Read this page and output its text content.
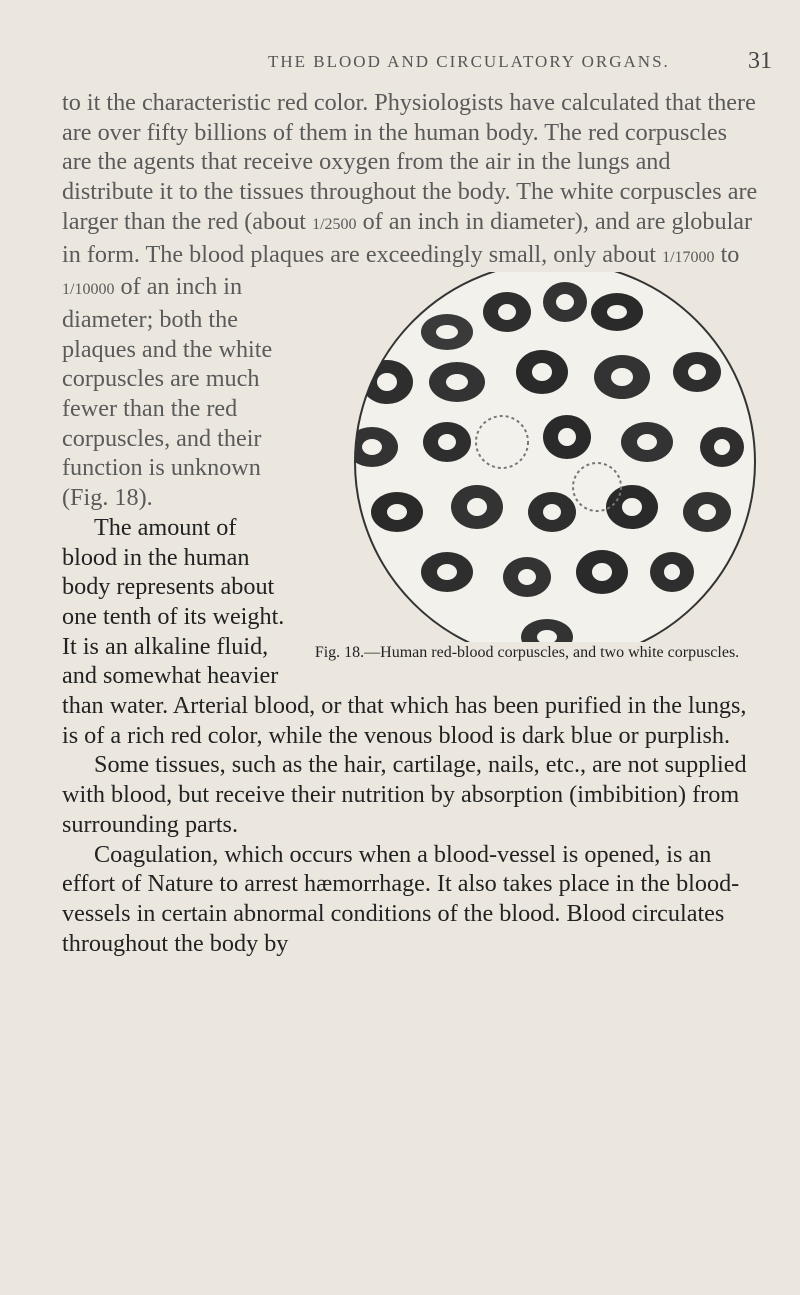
THE BLOOD AND CIRCULATORY ORGANS.	31

to it the characteristic red color. Physiologists have calculated that there are over fifty billions of them in the human body. The red corpuscles are the agents that receive oxygen from the air in the lungs and distribute it to the tissues throughout the body. The white corpuscles are larger than the red (about 1/2500 of an inch in diameter), and are globular in form. The blood plaques are exceedingly small, only about 1/17000 to 1/10000
Fig. 18.—Human red-blood corpuscles, and two white corpuscles.
of an inch in diameter; both the plaques and the white corpuscles are much fewer than the red corpuscles, and their function is unknown (Fig. 18).

The amount of blood in the human body represents about one tenth of its weight. It is an alkaline fluid, and somewhat heavier than water. Arterial blood, or that which has been purified in the lungs, is of a rich red color, while the venous blood is dark blue or purplish.

Some tissues, such as the hair, cartilage, nails, etc., are not supplied with blood, but receive their nutrition by absorption (imbibition) from surrounding parts.

Coagulation, which occurs when a blood-vessel is opened, is an effort of Nature to arrest hæmorrhage. It also takes place in the blood-vessels in certain abnormal conditions of the blood. Blood circulates throughout the body by
